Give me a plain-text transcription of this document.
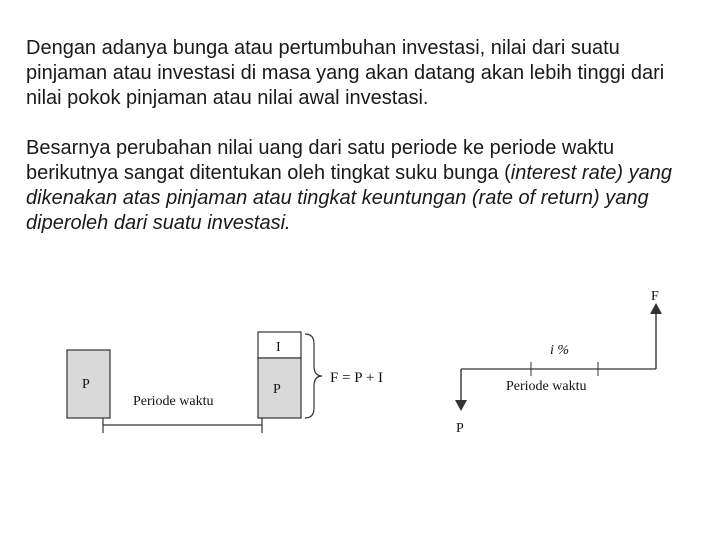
Dengan adanya bunga atau pertumbuhan investasi, nilai dari suatu pinjaman atau investasi di masa yang akan datang akan lebih tinggi dari nilai pokok pinjaman atau nilai awal investasi.

Besarnya perubahan nilai uang dari satu periode ke periode waktu berikutnya sangat ditentukan oleh tingkat suku bunga (interest rate) yang dikenakan atas pinjaman atau tingkat keuntungan (rate of return) yang diperoleh dari suatu investasi.

P
Periode waktu
I
P
F = P + I
F
P
i %
Periode waktu
